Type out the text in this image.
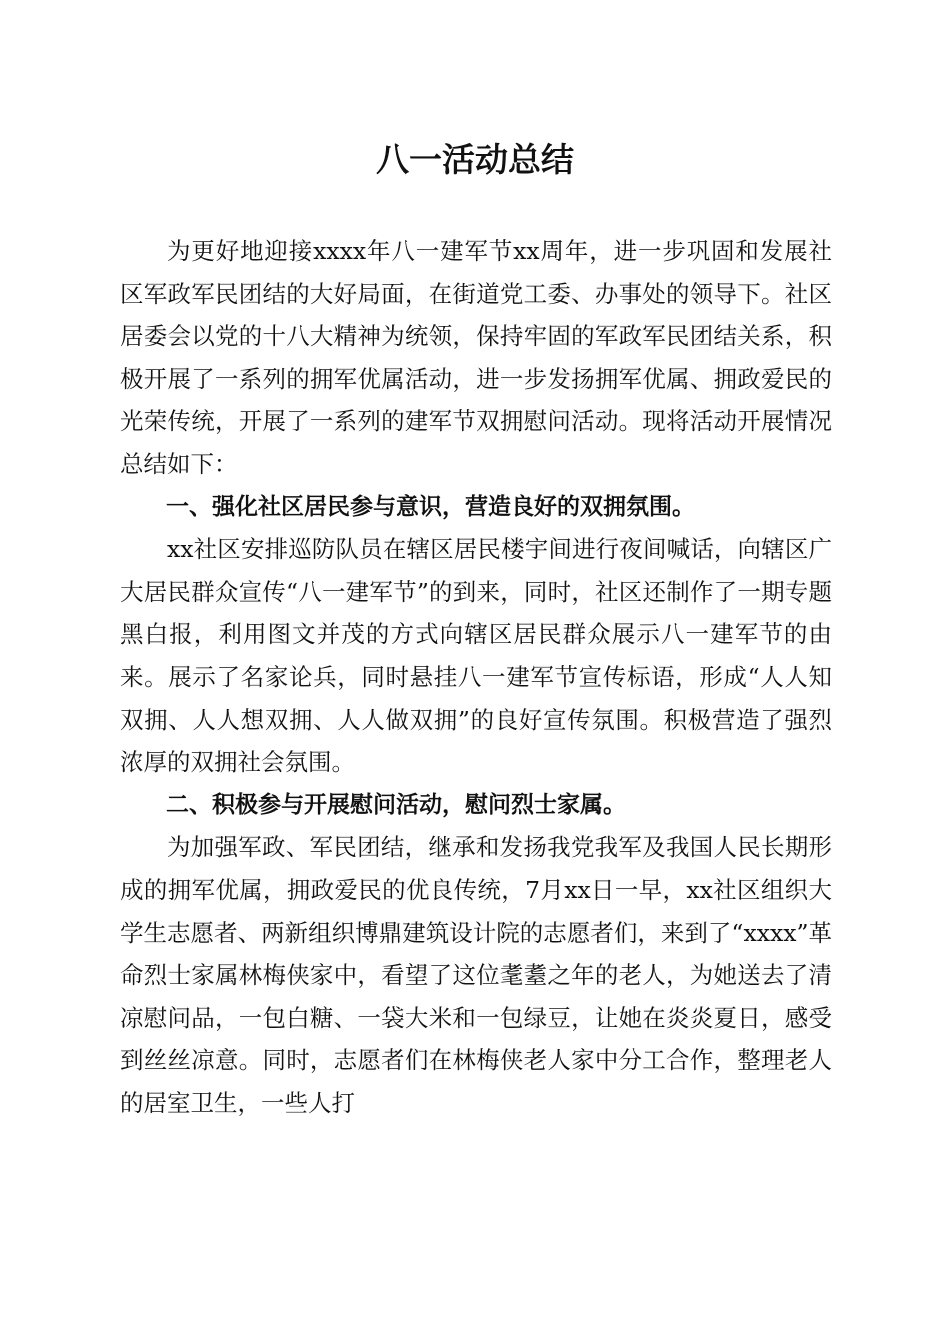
八一活动总结

为更好地迎接xxxx年八一建军节xx周年，进一步巩固和发展社区军政军民团结的大好局面，在街道党工委、办事处的领导下。社区居委会以党的十八大精神为统领，保持牢固的军政军民团结关系，积极开展了一系列的拥军优属活动，进一步发扬拥军优属、拥政爱民的光荣传统，开展了一系列的建军节双拥慰问活动。现将活动开展情况总结如下：

一、强化社区居民参与意识，营造良好的双拥氛围。

xx社区安排巡防队员在辖区居民楼宇间进行夜间喊话，向辖区广大居民群众宣传“八一建军节”的到来，同时，社区还制作了一期专题黑白报，利用图文并茂的方式向辖区居民群众展示八一建军节的由来。展示了名家论兵，同时悬挂八一建军节宣传标语，形成“人人知双拥、人人想双拥、人人做双拥”的良好宣传氛围。积极营造了强烈浓厚的双拥社会氛围。

二、积极参与开展慰问活动，慰问烈士家属。

为加强军政、军民团结，继承和发扬我党我军及我国人民长期形成的拥军优属，拥政爱民的优良传统，7月xx日一早，xx社区组织大学生志愿者、两新组织博鼎建筑设计院的志愿者们，来到了“xxxx”革命烈士家属林梅侠家中，看望了这位耄耋之年的老人，为她送去了清凉慰问品，一包白糖、一袋大米和一包绿豆，让她在炎炎夏日，感受到丝丝凉意。同时，志愿者们在林梅侠老人家中分工合作，整理老人的居室卫生，一些人打
